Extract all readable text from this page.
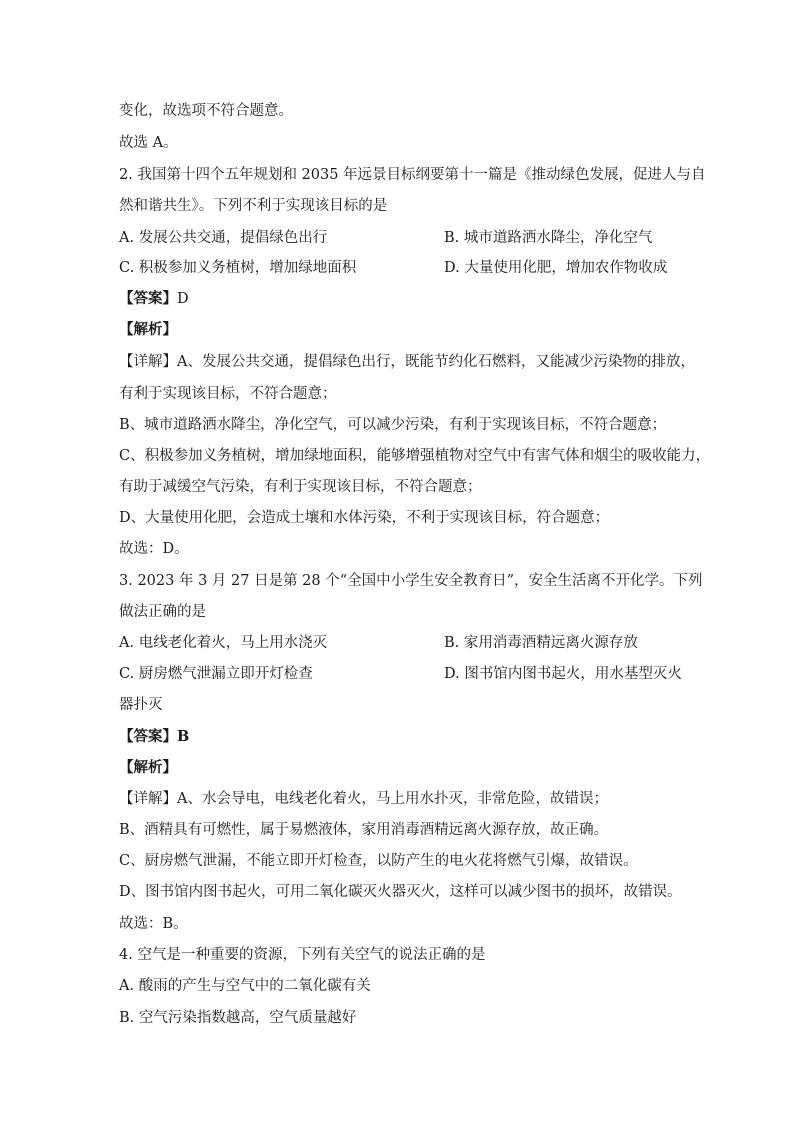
变化，故选项不符合题意。
故选 A。
2. 我国第十四个五年规划和 2035 年远景目标纲要第十一篇是《推动绿色发展，促进人与自
然和谐共生》。下列不利于实现该目标的是
A. 发展公共交通，提倡绿色出行	B. 城市道路洒水降尘，净化空气
C. 积极参加义务植树，增加绿地面积	D. 大量使用化肥，增加农作物收成
【答案】D
【解析】
【详解】A、发展公共交通，提倡绿色出行，既能节约化石燃料，又能减少污染物的排放，
有利于实现该目标，不符合题意；
B、城市道路洒水降尘，净化空气，可以减少污染，有利于实现该目标，不符合题意；
C、积极参加义务植树，增加绿地面积，能够增强植物对空气中有害气体和烟尘的吸收能力，
有助于减缓空气污染，有利于实现该目标，不符合题意；
D、大量使用化肥，会造成土壤和水体污染，不利于实现该目标，符合题意；
故选：D。
3. 2023 年 3 月 27 日是第 28 个“全国中小学生安全教育日”，安全生活离不开化学。下列
做法正确的是
A. 电线老化着火，马上用水浇灭	B. 家用消毒酒精远离火源存放
C. 厨房燃气泄漏立即开灯检查	D. 图书馆内图书起火，用水基型灭火
器扑灭
【答案】B
【解析】
【详解】A、水会导电，电线老化着火，马上用水扑灭，非常危险，故错误；
B、酒精具有可燃性，属于易燃液体，家用消毒酒精远离火源存放，故正确。
C、厨房燃气泄漏，不能立即开灯检查，以防产生的电火花将燃气引爆，故错误。
D、图书馆内图书起火，可用二氧化碳灭火器灭火，这样可以减少图书的损坏，故错误。
故选：B。
4. 空气是一种重要的资源，下列有关空气的说法正确的是
A. 酸雨的产生与空气中的二氧化碳有关
B. 空气污染指数越高，空气质量越好
